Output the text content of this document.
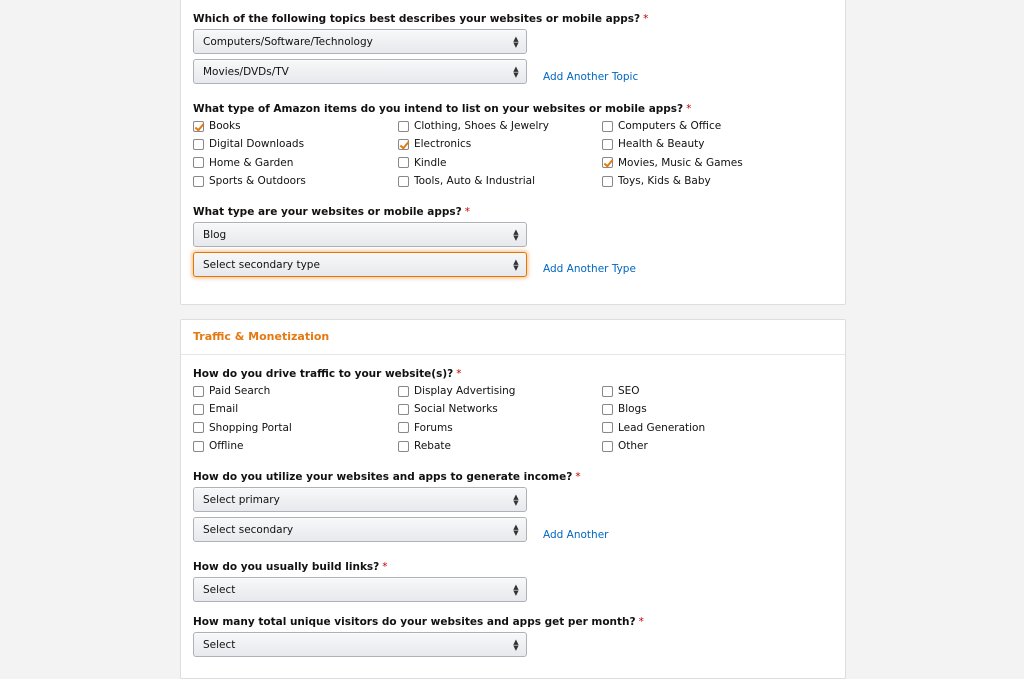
Which of the following topics best describes your websites or mobile apps? *
Computers/Software/Technology	▲
▼
Movies/DVDs/TV	▲
▼ Add Another Topic
What type of Amazon items do you intend to list on your websites or mobile apps? *
Books	Clothing, Shoes & Jewelry	Computers & Office
Digital Downloads	Electronics	Health & Beauty
Home & Garden	Kindle	Movies, Music & Games
Sports & Outdoors	Tools, Auto & Industrial	Toys, Kids & Baby
What type are your websites or mobile apps? *
Blog	▲
▼
Select secondary type	▲
▼ Add Another Type
Traffic & Monetization
How do you drive traffic to your website(s)? *
Paid Search	Display Advertising	SEO
Email	Social Networks	Blogs
Shopping Portal	Forums	Lead Generation
Offline	Rebate	Other
How do you utilize your websites and apps to generate income? *
Select primary	▲
▼
Select secondary	▲
▼ Add Another
How do you usually build links? *
Select	▲
▼
How many total unique visitors do your websites and apps get per month? *
Select	▲
▼
